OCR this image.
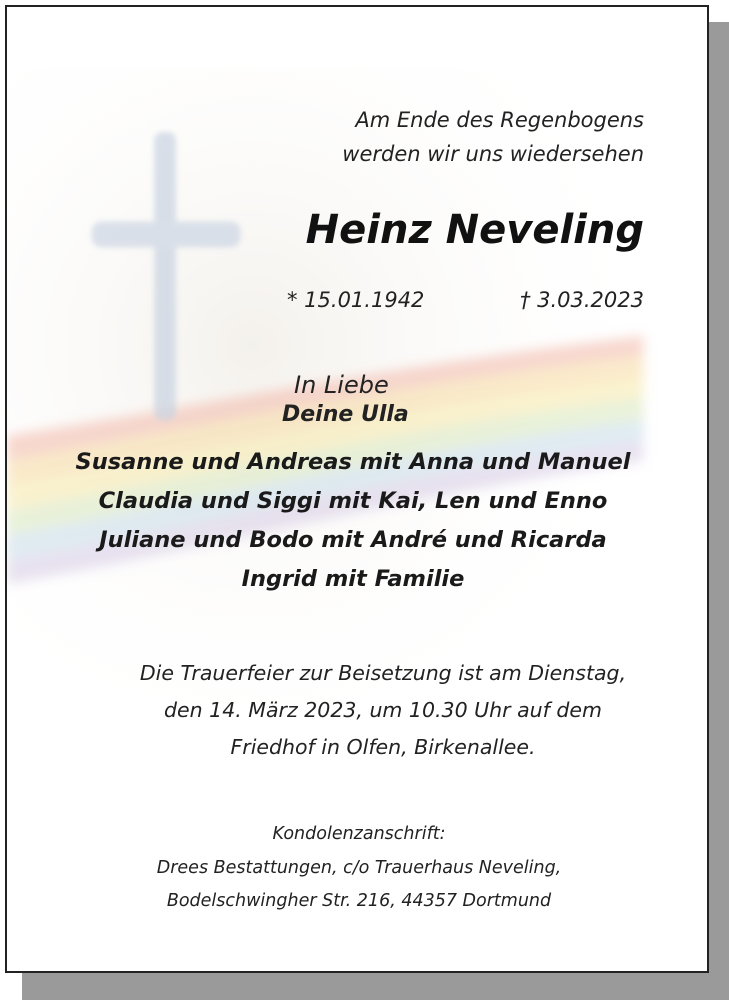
Am Ende des Regenbogens
werden wir uns wiedersehen
Heinz Neveling
* 15.01.1942	† 3.03.2023
In Liebe
Deine Ulla
Susanne und Andreas mit Anna und Manuel
Claudia und Siggi mit Kai, Len und Enno
Juliane und Bodo mit André und Ricarda
Ingrid mit Familie
Die Trauerfeier zur Beisetzung ist am Dienstag,
den 14. März 2023, um 10.30 Uhr auf dem
Friedhof in Olfen, Birkenallee.
Kondolenzanschrift:
Drees Bestattungen, c/o Trauerhaus Neveling,
Bodelschwingher Str. 216, 44357 Dortmund
